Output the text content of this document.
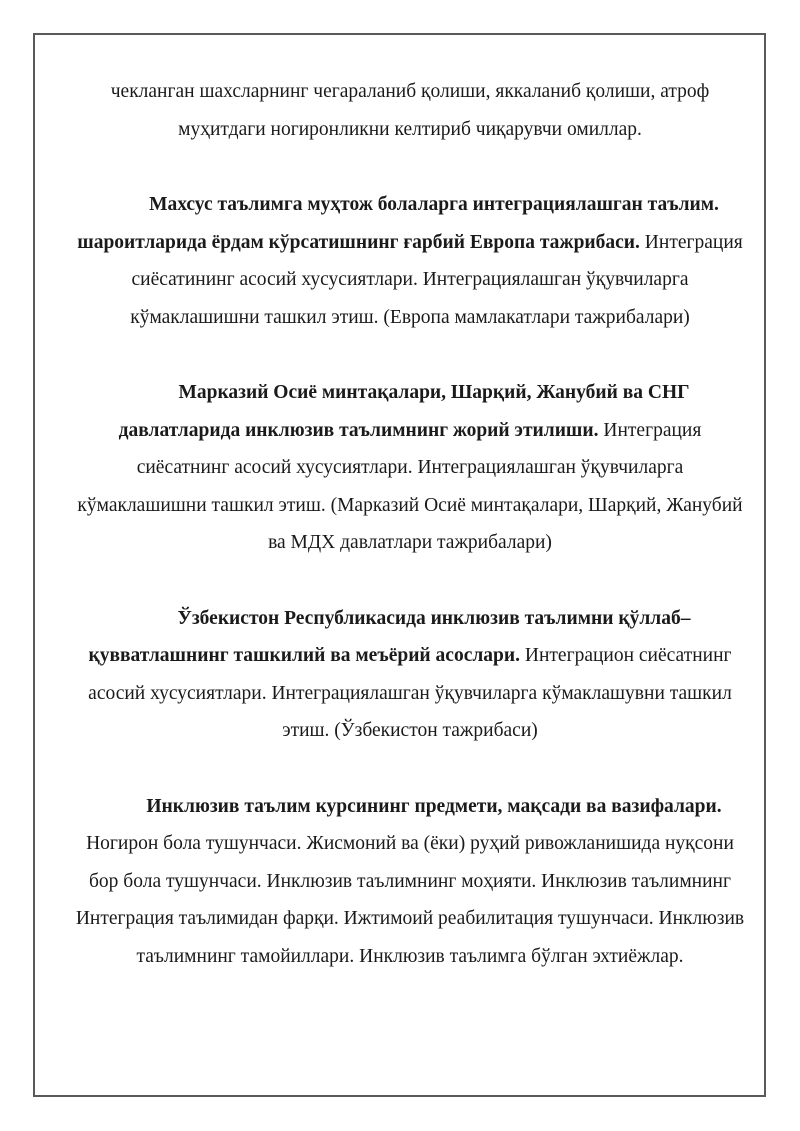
чекланган шахсларнинг чегараланиб қолиши, яккаланиб қолиши, атроф муҳитдаги ногиронликни келтириб чиқарувчи омиллар.

Махсус таълимга муҳтож болаларга интеграциялашган таълим. шароитларида ёрдам кўрсатишнинг ғарбий Европа тажрибаси. Интеграция сиёсатининг асосий хусусиятлари. Интеграциялашган ўқувчиларга кўмаклашишни ташкил этиш. (Европа мамлакатлари тажрибалари)

Марказий Осиё минтақалари, Шарқий, Жанубий ва СНГ давлатларида инклюзив таълимнинг жорий этилиши. Интеграция сиёсатнинг асосий хусусиятлари. Интеграциялашган ўқувчиларга кўмаклашишни ташкил этиш. (Марказий Осиё минтақалари, Шарқий, Жанубий ва МДХ давлатлари тажрибалари)

Ўзбекистон Республикасида инклюзив таълимни қўллаб–қувватлашнинг ташкилий ва меъёрий асослари. Интеграцион сиёсатнинг асосий хусусиятлари. Интеграциялашган ўқувчиларга кўмаклашувни ташкил этиш. (Ўзбекистон тажрибаси)

Инклюзив таълим курсининг предмети, мақсади ва вазифалари. Ногирон бола тушунчаси. Жисмоний ва (ёки) руҳий ривожланишида нуқсони бор бола тушунчаси. Инклюзив таълимнинг моҳияти. Инклюзив таълимнинг Интеграция таълимидан фарқи. Ижтимоий реабилитация тушунчаси. Инклюзив таълимнинг тамойиллари. Инклюзив таълимга бўлган эхтиёжлар.
